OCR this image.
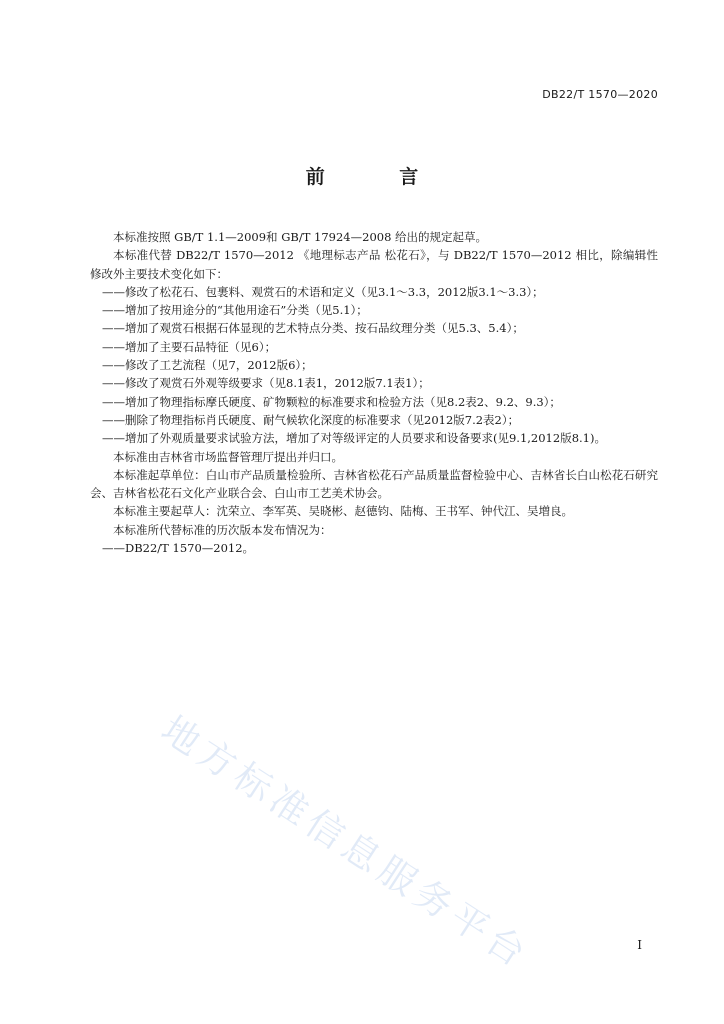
DB22/T 1570—2020
前 言

本标准按照 GB/T 1.1—2009和 GB/T 17924—2008 给出的规定起草。

本标准代替 DB22/T 1570—2012 《地理标志产品 松花石》，与 DB22/T 1570—2012 相比，除编辑性修改外主要技术变化如下：

——修改了松花石、包裹料、观赏石的术语和定义（见3.1～3.3，2012版3.1～3.3）；

——增加了按用途分的“其他用途石”分类（见5.1）；

——增加了观赏石根据石体显现的艺术特点分类、按石品纹理分类（见5.3、5.4）；

——增加了主要石品特征（见6）；

——修改了工艺流程（见7，2012版6）；

——修改了观赏石外观等级要求（见8.1表1，2012版7.1表1）；

——增加了物理指标摩氏硬度、矿物颗粒的标准要求和检验方法（见8.2表2、9.2、9.3）；

——删除了物理指标肖氏硬度、耐气候软化深度的标准要求（见2012版7.2表2）；

——增加了外观质量要求试验方法，增加了对等级评定的人员要求和设备要求(见9.1,2012版8.1)。

本标准由吉林省市场监督管理厅提出并归口。

本标准起草单位：白山市产品质量检验所、吉林省松花石产品质量监督检验中心、吉林省长白山松花石研究会、吉林省松花石文化产业联合会、白山市工艺美术协会。

本标准主要起草人：沈荣立、李军英、吴晓彬、赵德钧、陆梅、王书军、钟代江、吴増良。

本标准所代替标准的历次版本发布情况为：

——DB22/T 1570—2012。

地方标准信息服务平台	I
